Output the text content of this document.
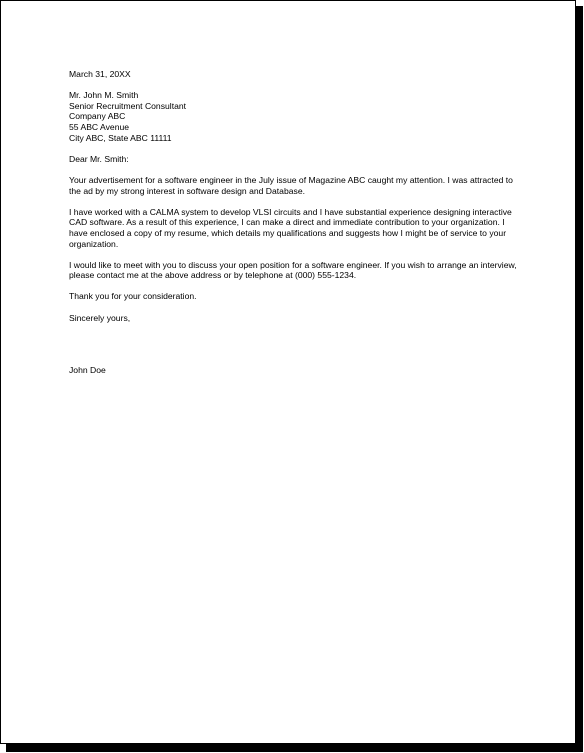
March 31, 20XX
Mr. John M. Smith
Senior Recruitment Consultant
Company ABC
55 ABC Avenue
City ABC, State ABC 11111
Dear Mr. Smith:
Your advertisement for a software engineer in the July issue of Magazine ABC caught my attention. I was attracted to the ad by my strong interest in software design and Database.
I have worked with a CALMA system to develop VLSI circuits and I have substantial experience designing interactive CAD software. As a result of this experience, I can make a direct and immediate contribution to your organization. I have enclosed a copy of my resume, which details my qualifications and suggests how I might be of service to your organization.
I would like to meet with you to discuss your open position for a software engineer. If you wish to arrange an interview, please contact me at the above address or by telephone at (000) 555-1234.
Thank you for your consideration.
Sincerely yours,
John Doe
